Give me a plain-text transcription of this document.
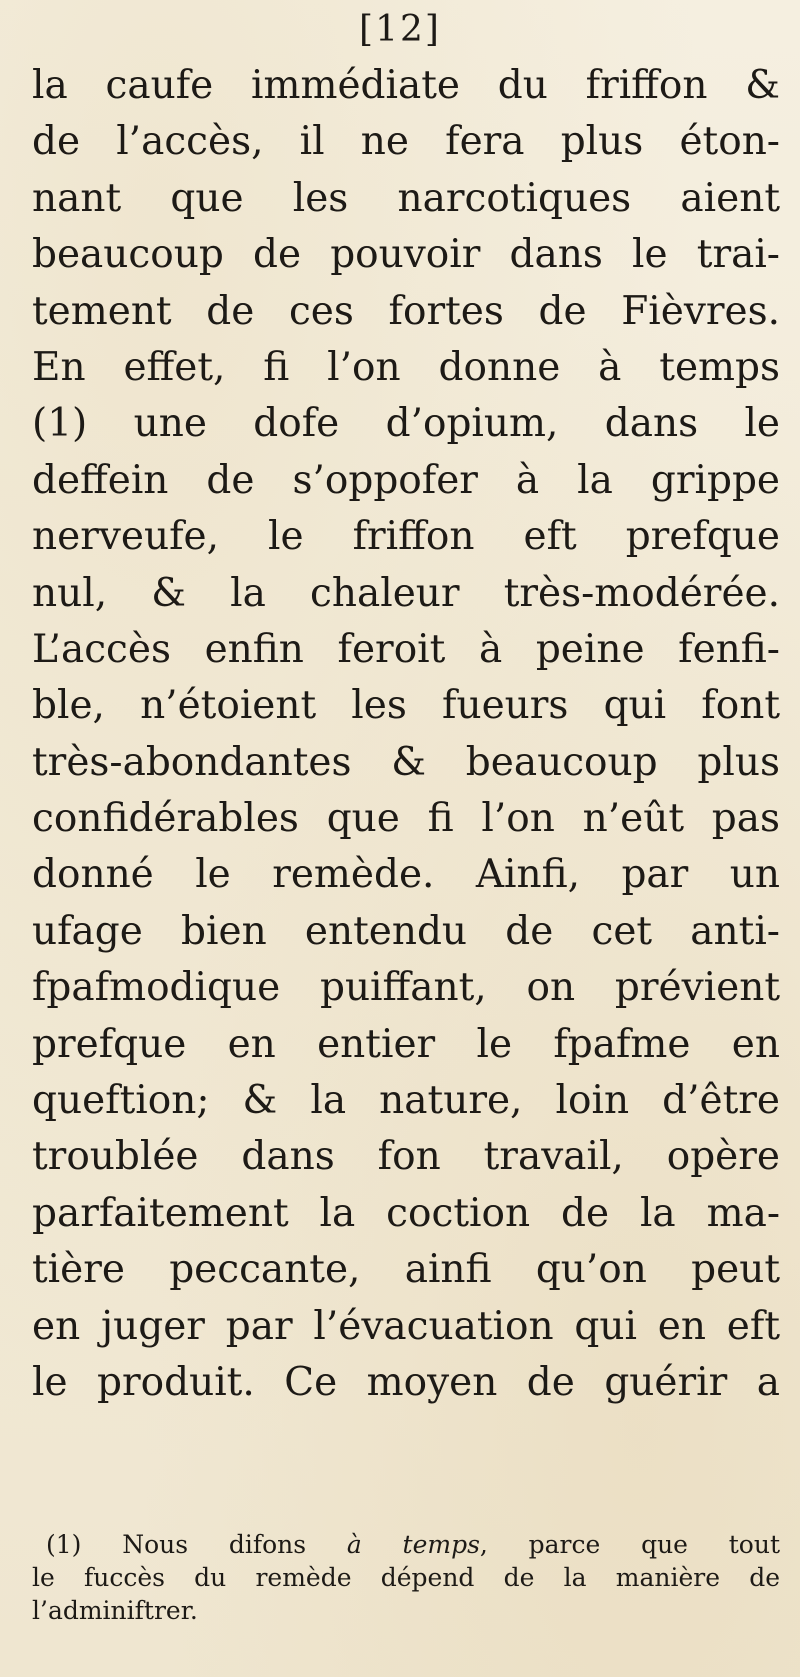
[12]
la caufe immédiate du friffon &
de l’accès, il ne fera plus éton-
nant que les narcotiques aient
beaucoup de pouvoir dans le trai-
tement de ces fortes de Fièvres.
En effet, fi l’on donne à temps
(1) une dofe d’opium, dans le
deffein de s’oppofer à la grippe
nerveufe, le friffon eft prefque
nul, & la chaleur très-modérée.
L’accès enfin feroit à peine fenfi-
ble, n’étoient les fueurs qui font
très-abondantes & beaucoup plus
confidérables que fi l’on n’eût pas
donné le remède. Ainfi, par un
ufage bien entendu de cet anti-
fpafmodique puiffant, on prévient
prefque en entier le fpafme en
queftion; & la nature, loin d’être
troublée dans fon travail, opère
parfaitement la coction de la ma-
tière peccante, ainfi qu’on peut
en juger par l’évacuation qui en eft
le produit. Ce moyen de guérir a
(1) Nous difons à temps, parce que tout
le fuccès du remède dépend de la manière de
l’adminiftrer.
